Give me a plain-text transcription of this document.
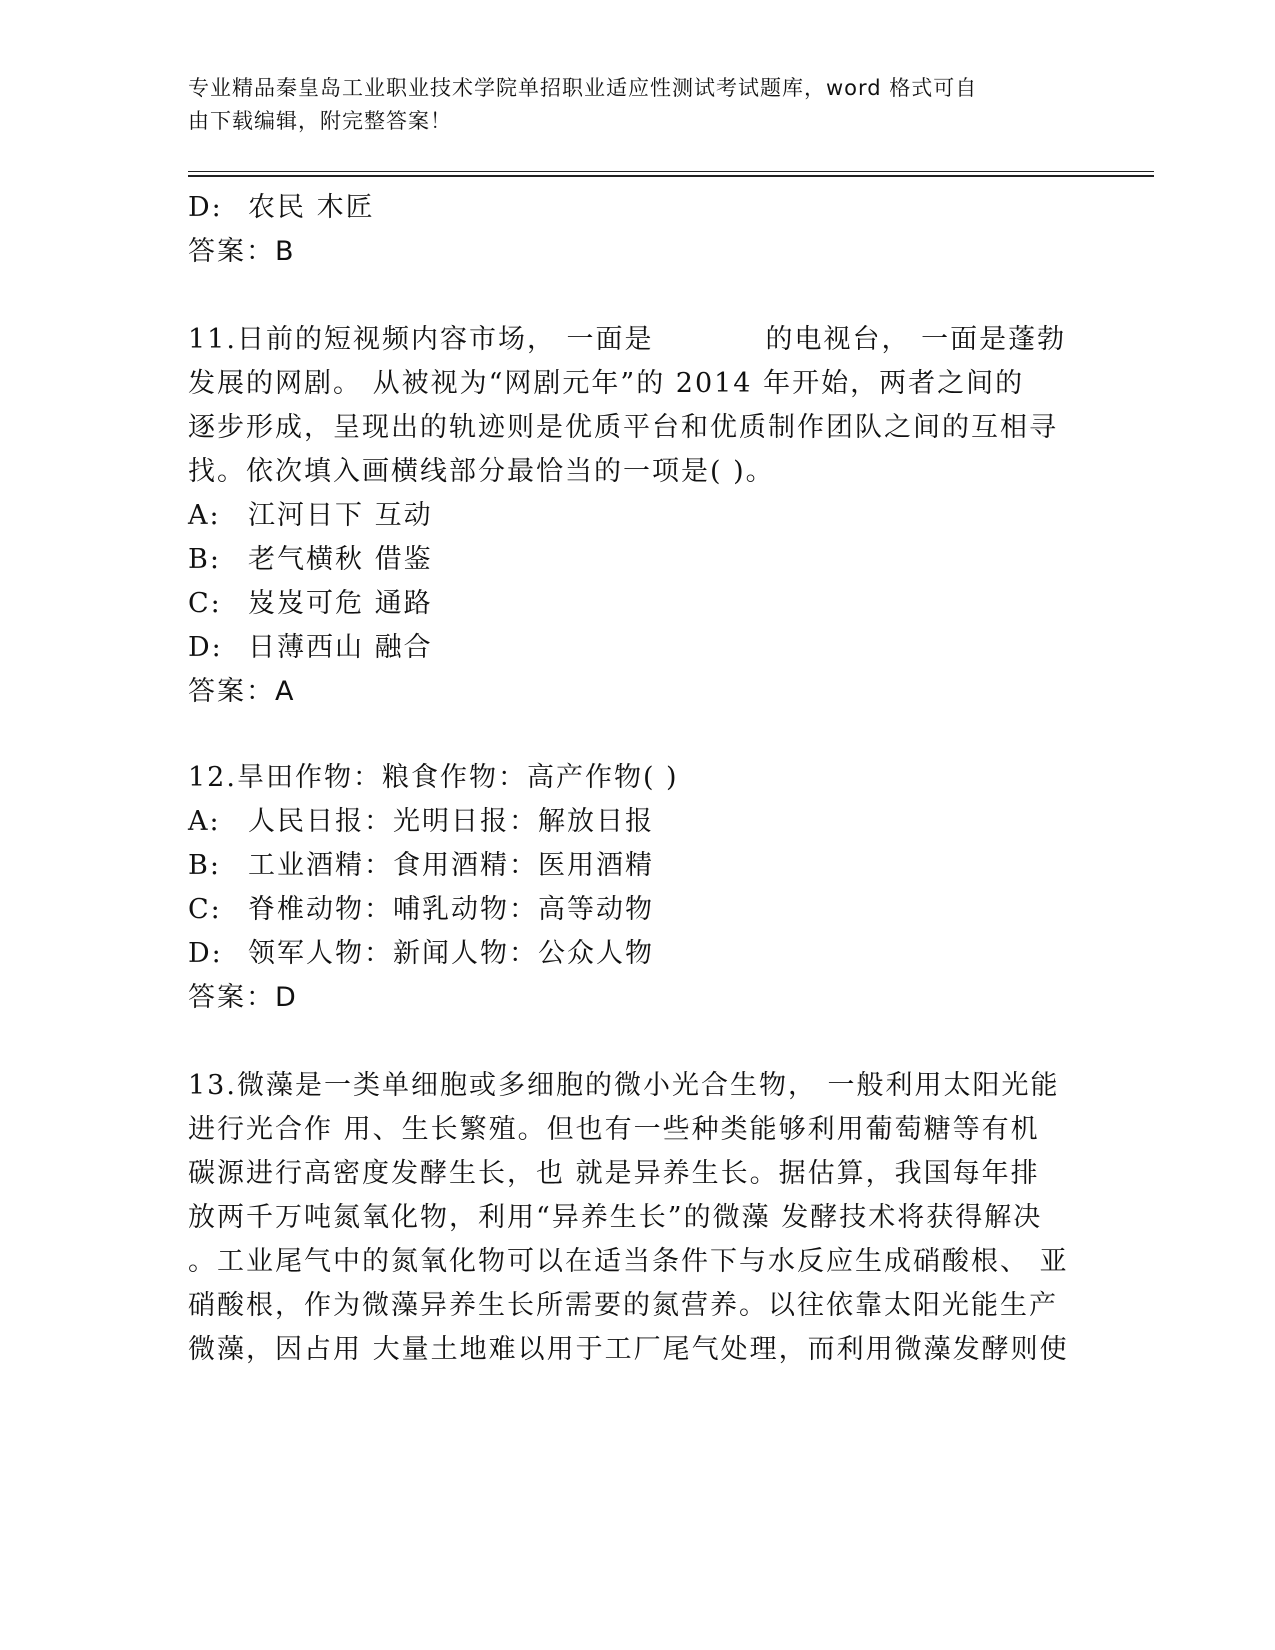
专业精品秦皇岛工业职业技术学院单招职业适应性测试考试题库，word 格式可自
由下载编辑，附完整答案！
D: 农民 木匠
答案：B
11.日前的短视频内容市场， 一面是	的电视台， 一面是蓬勃
发展的网剧。 从被视为“网剧元年”的 2014 年开始，两者之间的
逐步形成，呈现出的轨迹则是优质平台和优质制作团队之间的互相寻
找。依次填入画横线部分最恰当的一项是( )。
A: 江河日下 互动
B: 老气横秋 借鉴
C: 岌岌可危 通路
D: 日薄西山 融合
答案：A
12.旱田作物：粮食作物：高产作物( )
A: 人民日报：光明日报：解放日报
B: 工业酒精：食用酒精：医用酒精
C: 脊椎动物：哺乳动物：高等动物
D: 领军人物：新闻人物：公众人物
答案：D
13.微藻是一类单细胞或多细胞的微小光合生物， 一般利用太阳光能
进行光合作 用、生长繁殖。但也有一些种类能够利用葡萄糖等有机
碳源进行高密度发酵生长，也 就是异养生长。据估算，我国每年排
放两千万吨氮氧化物，利用“异养生长”的微藻 发酵技术将获得解决
。工业尾气中的氮氧化物可以在适当条件下与水反应生成硝酸根、 亚
硝酸根，作为微藻异养生长所需要的氮营养。以往依靠太阳光能生产
微藻，因占用 大量土地难以用于工厂尾气处理，而利用微藻发酵则使
